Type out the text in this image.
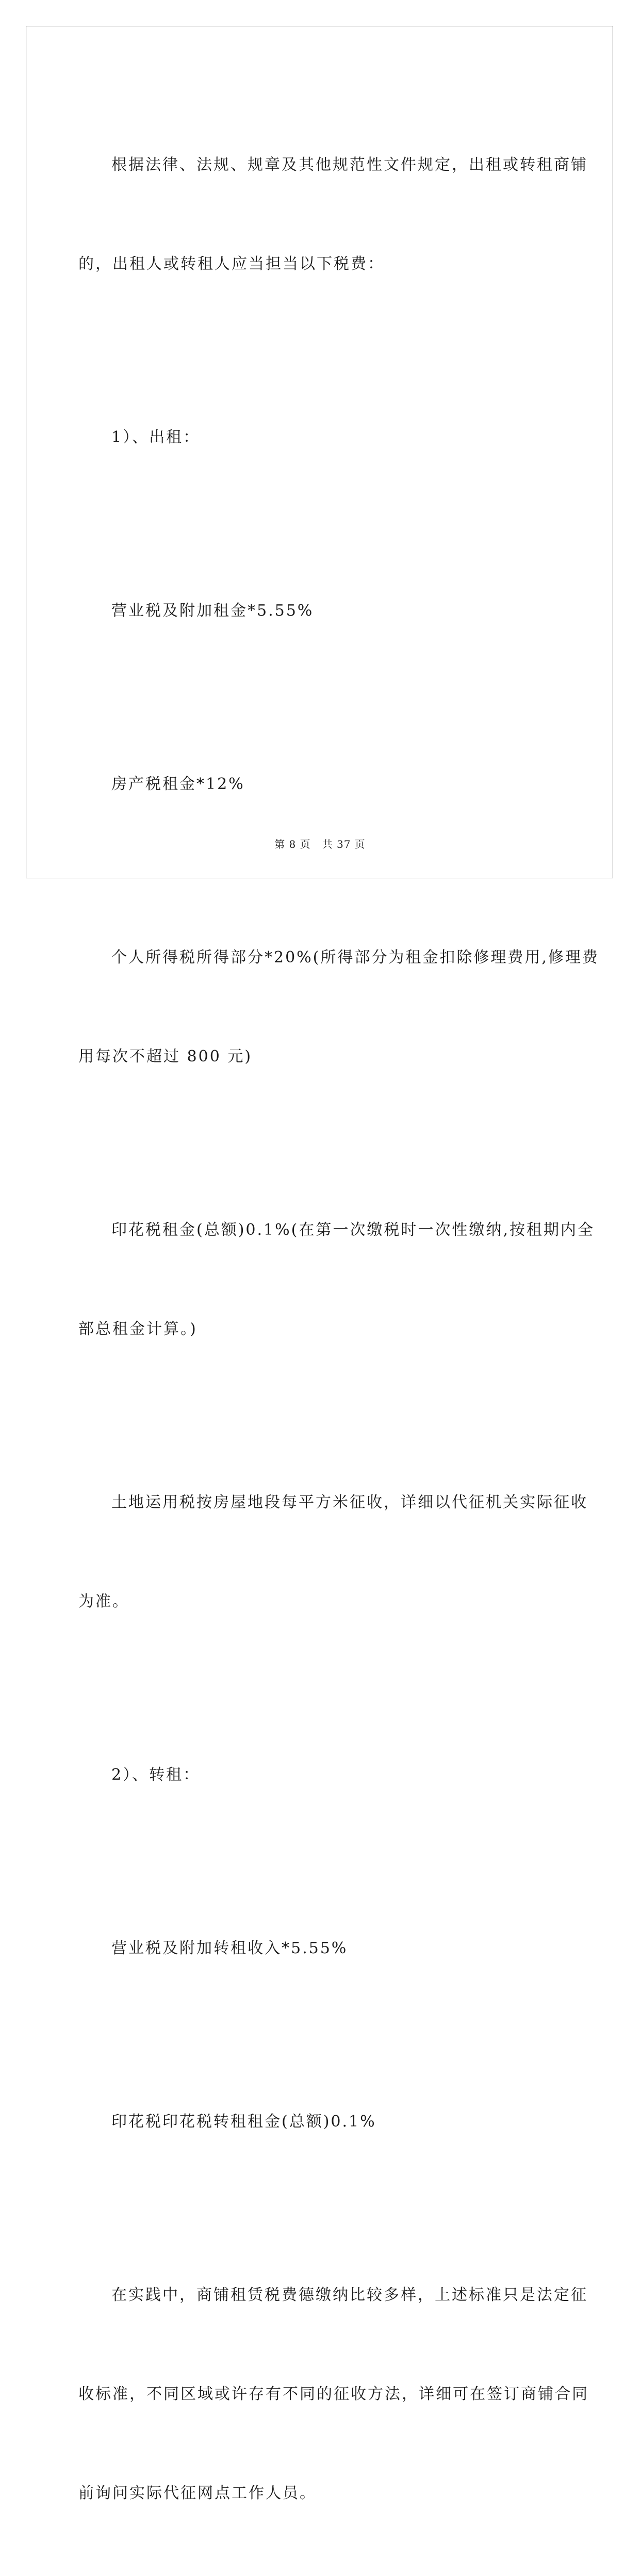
根据法律、法规、规章及其他规范性文件规定，出租或转租商铺

的，出租人或转租人应当担当以下税费：

1）、出租：

营业税及附加租金*5.55%

房产税租金*12%

个人所得税所得部分*20%(所得部分为租金扣除修理费用,修理费

用每次不超过 800 元)

印花税租金(总额)0.1%(在第一次缴税时一次性缴纳,按租期内全

部总租金计算。)

土地运用税按房屋地段每平方米征收，详细以代征机关实际征收

为准。

2）、转租：

营业税及附加转租收入*5.55%

印花税印花税转租租金(总额)0.1%

在实践中，商铺租赁税费德缴纳比较多样，上述标准只是法定征

收标准，不同区域或许存有不同的征收方法，详细可在签订商铺合同

前询问实际代征网点工作人员。

第 8 页 共 37 页
